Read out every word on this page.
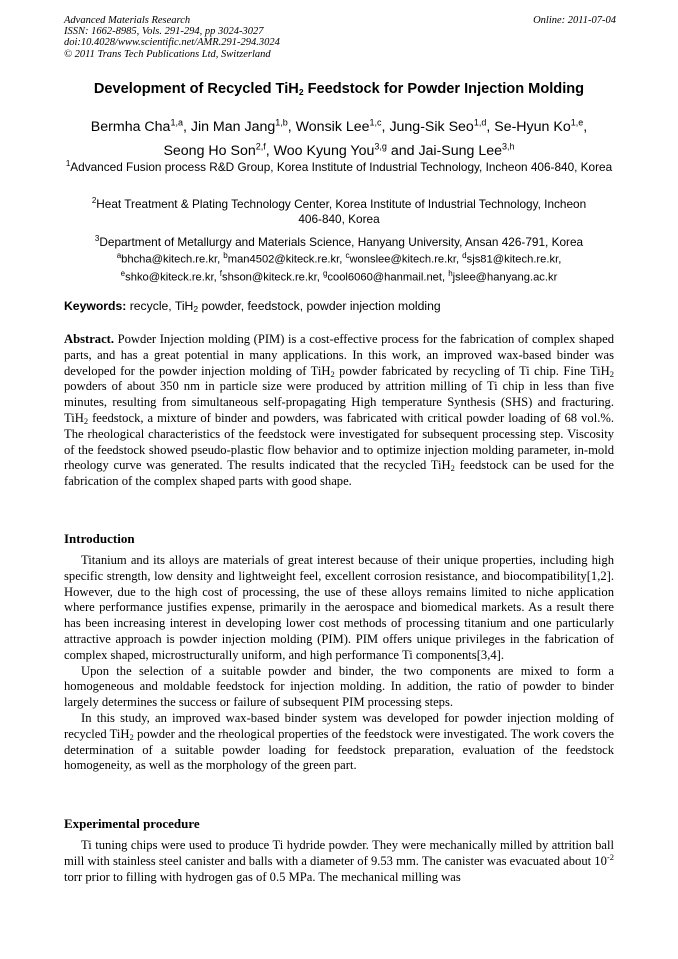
Advanced Materials Research
ISSN: 1662-8985, Vols. 291-294, pp 3024-3027
doi:10.4028/www.scientific.net/AMR.291-294.3024
© 2011 Trans Tech Publications Ltd, Switzerland
Online: 2011-07-04
Development of Recycled TiH$_2$ Feedstock for Powder Injection Molding
Bermha Cha$^{1,a}$, Jin Man Jang$^{1,b}$, Wonsik Lee$^{1,c}$, Jung-Sik Seo$^{1,d}$, Se-Hyun Ko$^{1,e}$,
Seong Ho Son$^{2,f}$, Woo Kyung You$^{3,g}$ and Jai-Sung Lee$^{3,h}$
$^1$Advanced Fusion process R&D Group, Korea Institute of Industrial Technology, Incheon 406-840, Korea
$^2$Heat Treatment & Plating Technology Center, Korea Institute of Industrial Technology, Incheon 406-840, Korea
$^3$Department of Metallurgy and Materials Science, Hanyang University, Ansan 426-791, Korea
$^a$bhcha@kitech.re.kr, $^b$man4502@kiteck.re.kr, $^c$wonslee@kitech.re.kr, $^d$sjs81@kitech.re.kr,
$^e$shko@kiteck.re.kr, $^f$shson@kiteck.re.kr, $^g$cool6060@hanmail.net, $^h$jslee@hanyang.ac.kr
Keywords: recycle, TiH$_2$ powder, feedstock, powder injection molding
Abstract. Powder Injection molding (PIM) is a cost-effective process for the fabrication of complex shaped parts, and has a great potential in many applications. In this work, an improved wax-based binder was developed for the powder injection molding of TiH$_2$ powder fabricated by recycling of Ti chip. Fine TiH$_2$ powders of about 350 nm in particle size were produced by attrition milling of Ti chip in less than five minutes, resulting from simultaneous self-propagating High temperature Synthesis (SHS) and fracturing. TiH$_2$ feedstock, a mixture of binder and powders, was fabricated with critical powder loading of 68 vol.%. The rheological characteristics of the feedstock were investigated for subsequent processing step. Viscosity of the feedstock showed pseudo-plastic flow behavior and to optimize injection molding parameter, in-mold rheology curve was generated. The results indicated that the recycled TiH$_2$ feedstock can be used for the fabrication of the complex shaped parts with good shape.
Introduction

Titanium and its alloys are materials of great interest because of their unique properties, including high specific strength, low density and lightweight feel, excellent corrosion resistance, and biocompatibility[1,2]. However, due to the high cost of processing, the use of these alloys remains limited to niche application where performance justifies expense, primarily in the aerospace and biomedical markets. As a result there has been increasing interest in developing lower cost methods of processing titanium and one particularly attractive approach is powder injection molding (PIM). PIM offers unique privileges in the fabrication of complex shaped, microstructurally uniform, and high performance Ti components[3,4].

Upon the selection of a suitable powder and binder, the two components are mixed to form a homogeneous and moldable feedstock for injection molding. In addition, the ratio of powder to binder largely determines the success or failure of subsequent PIM processing steps.

In this study, an improved wax-based binder system was developed for powder injection molding of recycled TiH$_2$ powder and the rheological properties of the feedstock were investigated. The work covers the determination of a suitable powder loading for feedstock preparation, evaluation of the feedstock homogeneity, as well as the morphology of the green part.

Experimental procedure

Ti tuning chips were used to produce Ti hydride powder. They were mechanically milled by attrition ball mill with stainless steel canister and balls with a diameter of 9.53 mm. The canister was evacuated about $10^{-2}$ torr prior to filling with hydrogen gas of 0.5 MPa. The mechanical milling was
